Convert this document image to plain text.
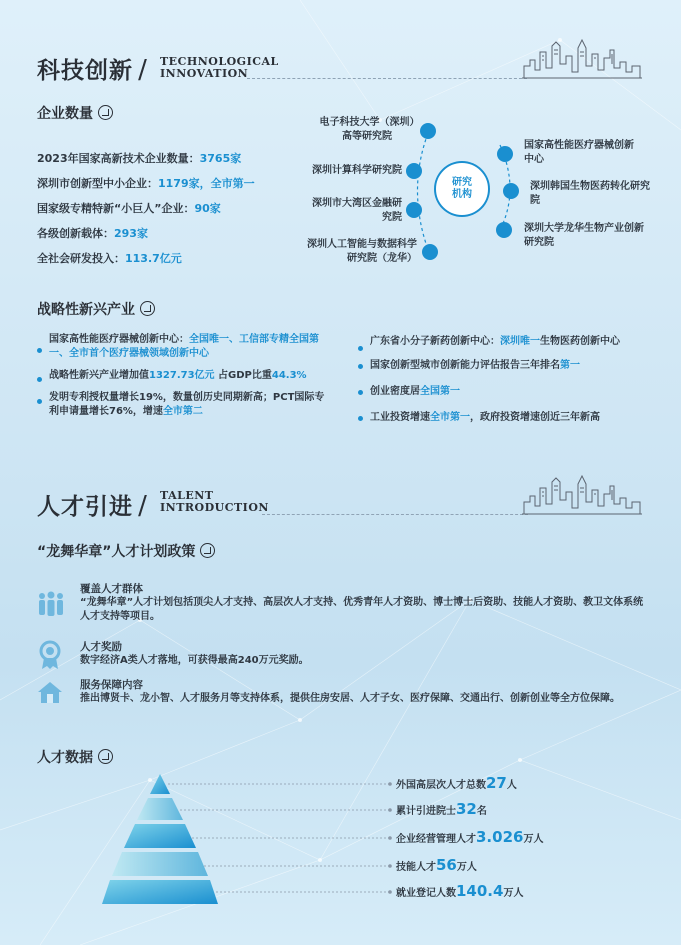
科技创新 / TECHNOLOGICAL
INNOVATION
企业数量
2023年国家高新技术企业数量：3765家
深圳市创新型中小企业：1179家，全市第一
国家级专精特新“小巨人”企业：90家
各级创新载体：293家
全社会研发投入：113.7亿元
研究机构
电子科技大学（深圳）高等研究院
深圳计算科学研究院
深圳市大湾区金融研究院
深圳人工智能与数据科学研究院（龙华）
国家高性能医疗器械创新中心
深圳韩国生物医药转化研究院
深圳大学龙华生物产业创新研究院
战略性新兴产业
国家高性能医疗器械创新中心：全国唯一、工信部专精全国第一、全市首个医疗器械领域创新中心
战略性新兴产业增加值1327.73亿元 占GDP比重44.3%
发明专利授权量增长19%，数量创历史同期新高；PCT国际专利申请量增长76%，增速全市第二
广东省小分子新药创新中心：深圳唯一生物医药创新中心
国家创新型城市创新能力评估报告三年排名第一
创业密度居全国第一
工业投资增速全市第一，政府投资增速创近三年新高
人才引进 / TALENT
INTRODUCTION
“龙舞华章”人才计划政策
覆盖人才群体
“龙舞华章”人才计划包括顶尖人才支持、高层次人才支持、优秀青年人才资助、博士博士后资助、技能人才资助、教卫文体系统人才支持等项目。
人才奖励
数字经济A类人才落地，可获得最高240万元奖励。
服务保障内容
推出博贤卡、龙小智、人才服务月等支持体系，提供住房安居、人才子女、医疗保障、交通出行、创新创业等全方位保障。
人才数据
外国高层次人才总数27人
累计引进院士32名
企业经营管理人才3.026万人
技能人才56万人
就业登记人数140.4万人
